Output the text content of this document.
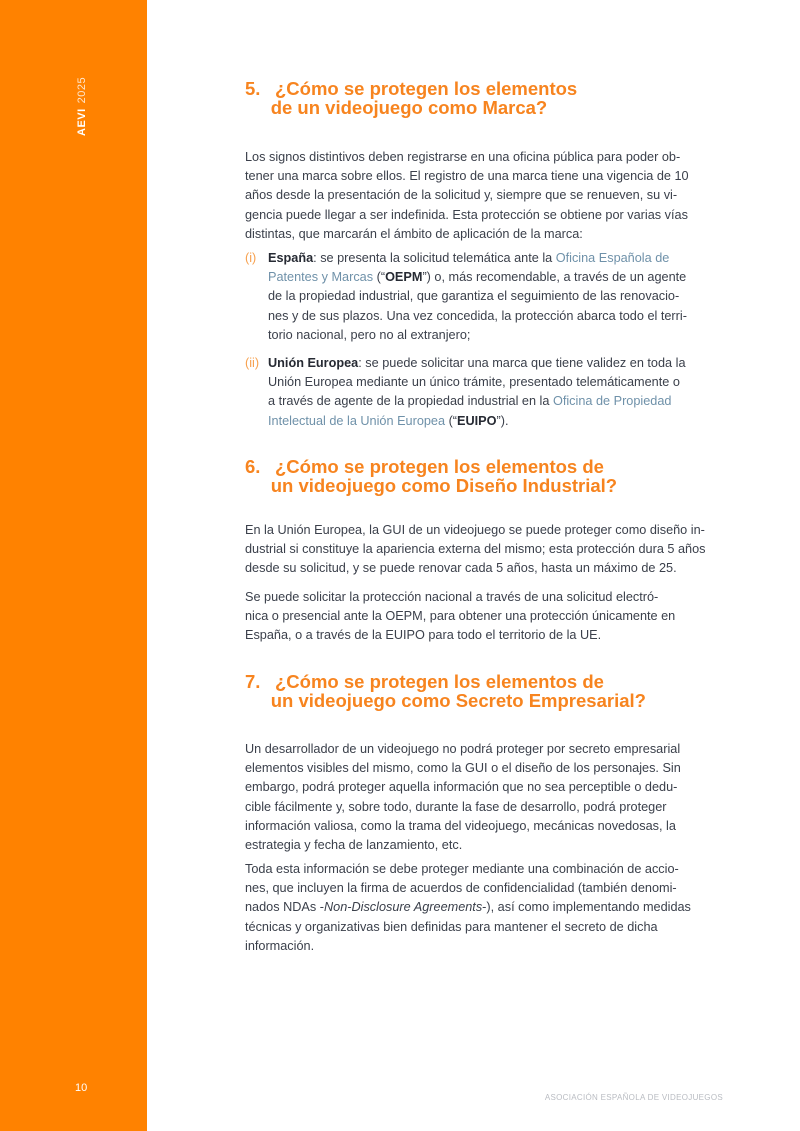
AEVI2025
10
ASOCIACIÓN ESPAÑOLA DE VIDEOJUEGOS
5. ¿Cómo se protegen los elementos
de un videojuego como Marca?
Los signos distintivos deben registrarse en una oficina pública para poder ob-
tener una marca sobre ellos. El registro de una marca tiene una vigencia de 10
años desde la presentación de la solicitud y, siempre que se renueven, su vi-
gencia puede llegar a ser indefinida. Esta protección se obtiene por varias vías
distintas, que marcarán el ámbito de aplicación de la marca:
(i) España: se presenta la solicitud telemática ante la Oficina Española de
Patentes y Marcas (“OEPM”) o, más recomendable, a través de un agente
de la propiedad industrial, que garantiza el seguimiento de las renovacio-
nes y de sus plazos. Una vez concedida, la protección abarca todo el terri-
torio nacional, pero no al extranjero;
(ii) Unión Europea: se puede solicitar una marca que tiene validez en toda la
Unión Europea mediante un único trámite, presentado telemáticamente o
a través de agente de la propiedad industrial en la Oficina de Propiedad
Intelectual de la Unión Europea (“EUIPO”).
6. ¿Cómo se protegen los elementos de
un videojuego como Diseño Industrial?
En la Unión Europea, la GUI de un videojuego se puede proteger como diseño in-
dustrial si constituye la apariencia externa del mismo; esta protección dura 5 años
desde su solicitud, y se puede renovar cada 5 años, hasta un máximo de 25.
Se puede solicitar la protección nacional a través de una solicitud electró-
nica o presencial ante la OEPM, para obtener una protección únicamente en
España, o a través de la EUIPO para todo el territorio de la UE.
7. ¿Cómo se protegen los elementos de
un videojuego como Secreto Empresarial?
Un desarrollador de un videojuego no podrá proteger por secreto empresarial
elementos visibles del mismo, como la GUI o el diseño de los personajes. Sin
embargo, podrá proteger aquella información que no sea perceptible o dedu-
cible fácilmente y, sobre todo, durante la fase de desarrollo, podrá proteger
información valiosa, como la trama del videojuego, mecánicas novedosas, la
estrategia y fecha de lanzamiento, etc.
Toda esta información se debe proteger mediante una combinación de accio-
nes, que incluyen la firma de acuerdos de confidencialidad (también denomi-
nados NDAs -Non-Disclosure Agreements-), así como implementando medidas
técnicas y organizativas bien definidas para mantener el secreto de dicha
información.
